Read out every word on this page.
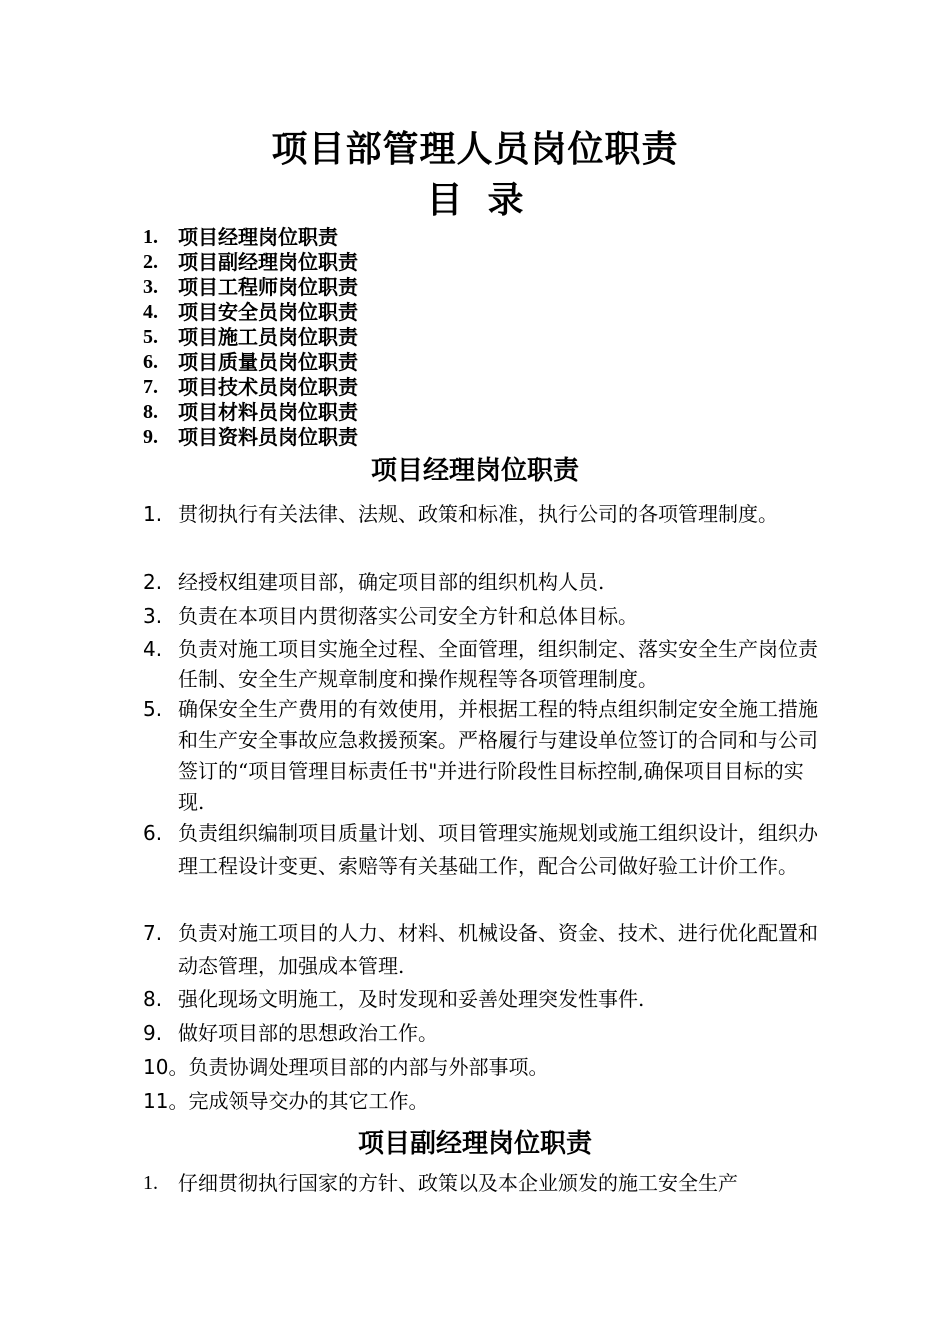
项目部管理人员岗位职责
目  录
1.	项目经理岗位职责
2.	项目副经理岗位职责
3.	项目工程师岗位职责
4.	项目安全员岗位职责
5.	项目施工员岗位职责
6.	项目质量员岗位职责
7.	项目技术员岗位职责
8.	项目材料员岗位职责
9.	项目资料员岗位职责
项目经理岗位职责
1. 贯彻执行有关法律、法规、政策和标准，执行公司的各项管理制度。
2. 经授权组建项目部，确定项目部的组织机构人员.
3. 负责在本项目内贯彻落实公司安全方针和总体目标。
4. 负责对施工项目实施全过程、全面管理，组织制定、落实安全生产岗位责任制、安全生产规章制度和操作规程等各项管理制度。
5. 确保安全生产费用的有效使用，并根据工程的特点组织制定安全施工措施和生产安全事故应急救援预案。严格履行与建设单位签订的合同和与公司签订的“项目管理目标责任书"并进行阶段性目标控制,确保项目目标的实现.
6. 负责组织编制项目质量计划、项目管理实施规划或施工组织设计，组织办理工程设计变更、索赔等有关基础工作，配合公司做好验工计价工作。
7. 负责对施工项目的人力、材料、机械设备、资金、技术、进行优化配置和动态管理，加强成本管理.
8. 强化现场文明施工，及时发现和妥善处理突发性事件.
9. 做好项目部的思想政治工作。
10。负责协调处理项目部的内部与外部事项。
11。完成领导交办的其它工作。
项目副经理岗位职责
1. 仔细贯彻执行国家的方针、政策以及本企业颁发的施工安全生产
